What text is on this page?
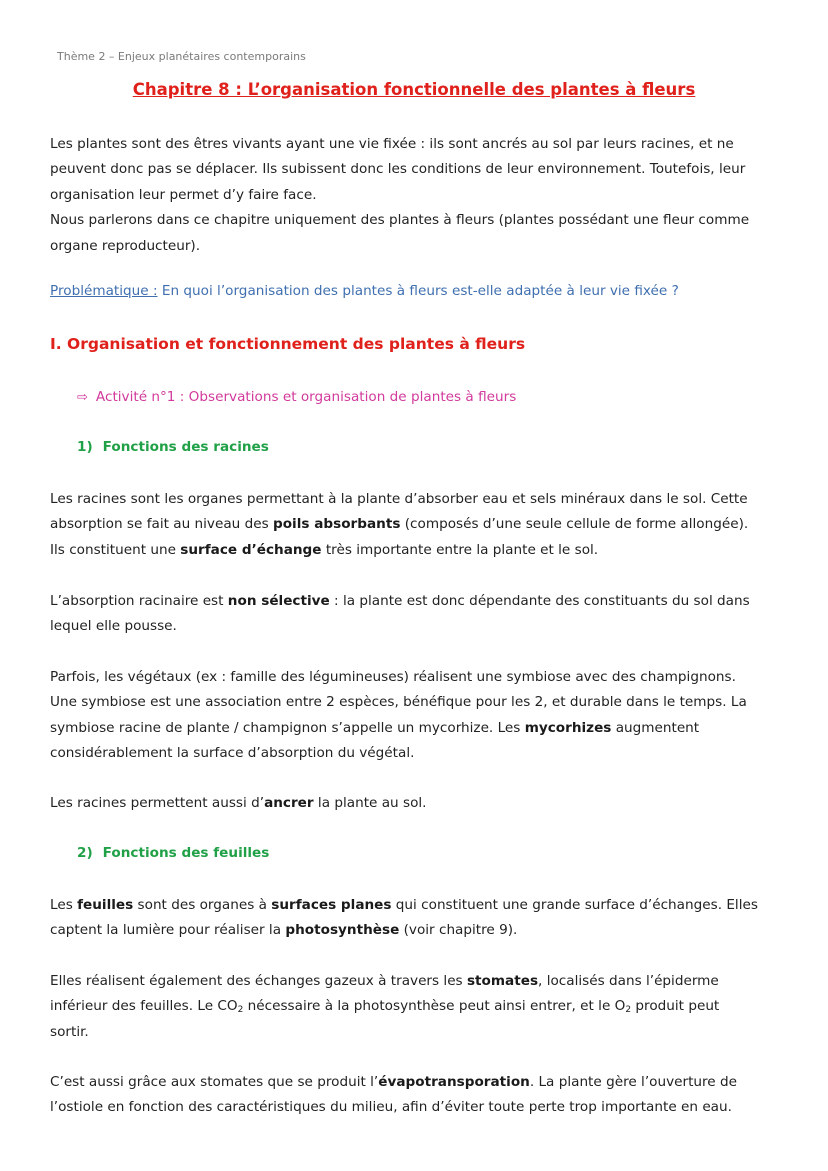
Thème 2 – Enjeux planétaires contemporains
Chapitre 8 : L’organisation fonctionnelle des plantes à fleurs

Les plantes sont des êtres vivants ayant une vie fixée : ils sont ancrés au sol par leurs racines, et ne
peuvent donc pas se déplacer. Ils subissent donc les conditions de leur environnement. Toutefois, leur
organisation leur permet d’y faire face.
Nous parlerons dans ce chapitre uniquement des plantes à fleurs (plantes possédant une fleur comme
organe reproducteur).

Problématique : En quoi l’organisation des plantes à fleurs est-elle adaptée à leur vie fixée ?
I. Organisation et fonctionnement des plantes à fleurs
⇨ Activité n°1 : Observations et organisation de plantes à fleurs
1) Fonctions des racines

Les racines sont les organes permettant à la plante d’absorber eau et sels minéraux dans le sol. Cette
absorption se fait au niveau des poils absorbants (composés d’une seule cellule de forme allongée).
Ils constituent une surface d’échange très importante entre la plante et le sol.

L’absorption racinaire est non sélective : la plante est donc dépendante des constituants du sol dans
lequel elle pousse.

Parfois, les végétaux (ex : famille des légumineuses) réalisent une symbiose avec des champignons.
Une symbiose est une association entre 2 espèces, bénéfique pour les 2, et durable dans le temps. La
symbiose racine de plante / champignon s’appelle un mycorhize. Les mycorhizes augmentent
considérablement la surface d’absorption du végétal.

Les racines permettent aussi d’ancrer la plante au sol.

2) Fonctions des feuilles

Les feuilles sont des organes à surfaces planes qui constituent une grande surface d’échanges. Elles
captent la lumière pour réaliser la photosynthèse (voir chapitre 9).

Elles réalisent également des échanges gazeux à travers les stomates, localisés dans l’épiderme
inférieur des feuilles. Le $CO_2$ nécessaire à la photosynthèse peut ainsi entrer, et le $O_2$ produit peut
sortir.

C’est aussi grâce aux stomates que se produit l’évapotransporation. La plante gère l’ouverture de
l’ostiole en fonction des caractéristiques du milieu, afin d’éviter toute perte trop importante en eau.
